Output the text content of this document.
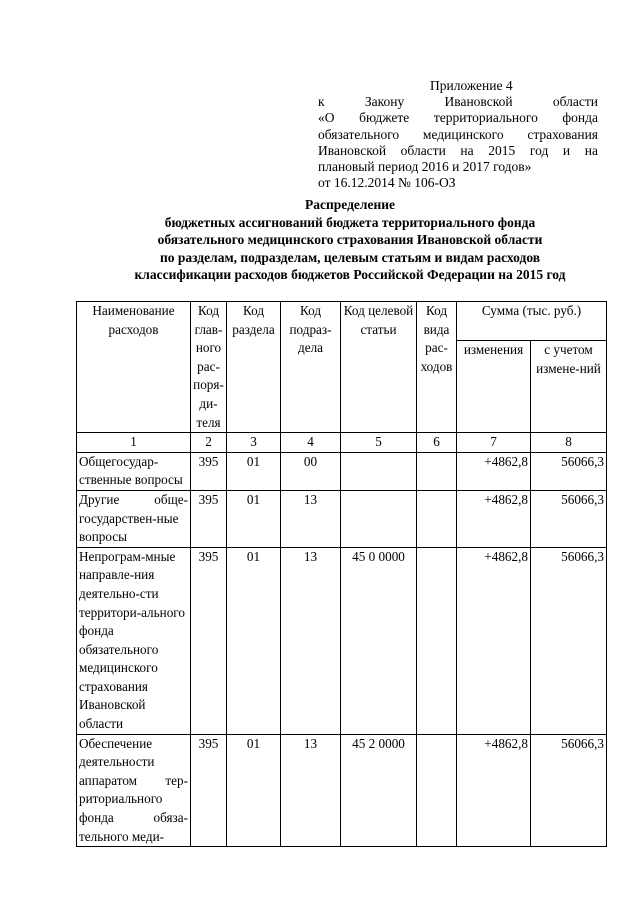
Приложение 4
к Закону Ивановской области
«О бюджете территориального фонда
обязательного медицинского страхования
Ивановской области на 2015 год и на
плановый период 2016 и 2017 годов»
от 16.12.2014 № 106-ОЗ
Распределение
бюджетных ассигнований бюджета территориального фонда
обязательного медицинского страхования Ивановской области
по разделам, подразделам, целевым статьям и видам расходов
классификации расходов бюджетов Российской Федерации на 2015 год
Наименование расходов	Код глав-ного рас-поря-ди-теля	Код раздела	Код подраз-дела	Код целевой статьи	Код вида рас-ходов	Сумма (тыс. руб.)	
						изменения	с учетом измене-ний
1	2	3	4	5	6	7	8
Общегосудар-ственные вопросы	395	01	00			+4862,8	56066,3
Другие обще-государствен-ные вопросы	395	01	13			+4862,8	56066,3
Непрограм-мные направле-ния деятельно-сти территори-ального фонда обязательного медицинского страхования Ивановской области	395	01	13	45 0 0000		+4862,8	56066,3
Обеспечение деятельности аппаратом тер-риториального фонда обяза-тельного меди-	395	01	13	45 2 0000		+4862,8	56066,3
